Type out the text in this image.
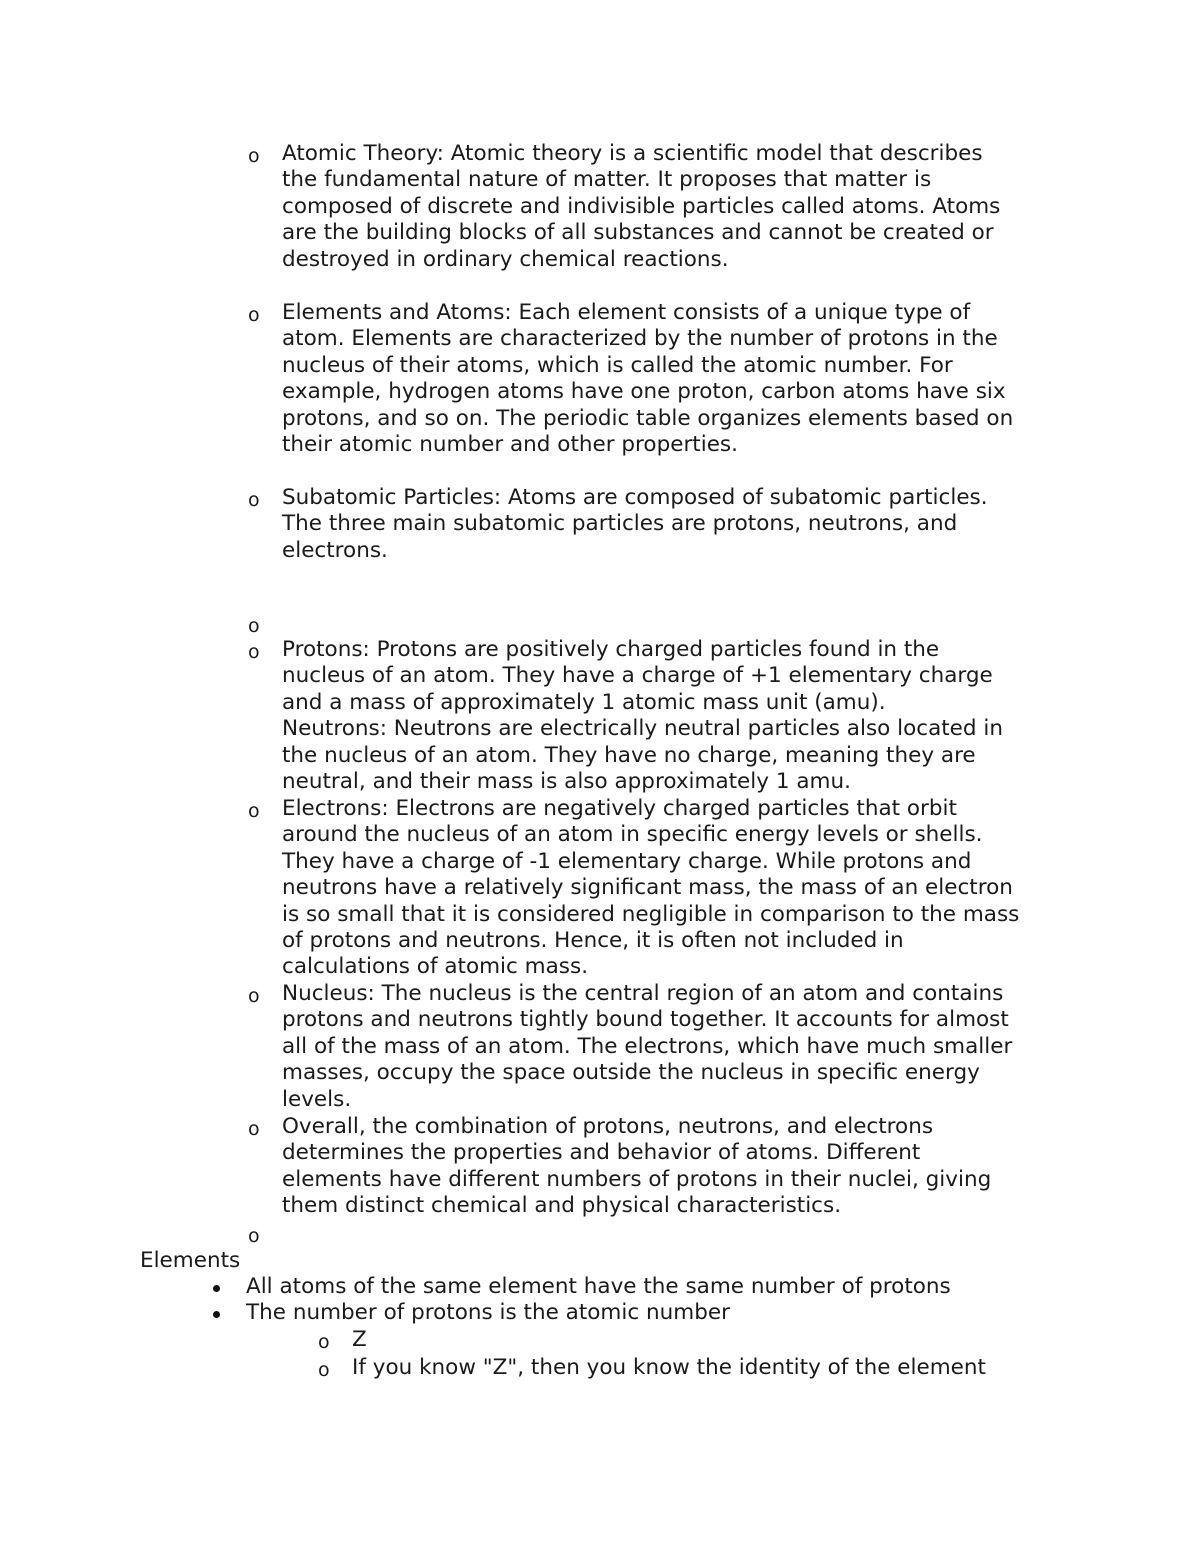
o Atomic Theory: Atomic theory is a scientific model that describes
the fundamental nature of matter. It proposes that matter is
composed of discrete and indivisible particles called atoms. Atoms
are the building blocks of all substances and cannot be created or
destroyed in ordinary chemical reactions.
o Elements and Atoms: Each element consists of a unique type of
atom. Elements are characterized by the number of protons in the
nucleus of their atoms, which is called the atomic number. For
example, hydrogen atoms have one proton, carbon atoms have six
protons, and so on. The periodic table organizes elements based on
their atomic number and other properties.
o Subatomic Particles: Atoms are composed of subatomic particles.
The three main subatomic particles are protons, neutrons, and
electrons.
o
o Protons: Protons are positively charged particles found in the
nucleus of an atom. They have a charge of +1 elementary charge
and a mass of approximately 1 atomic mass unit (amu).
Neutrons: Neutrons are electrically neutral particles also located in
the nucleus of an atom. They have no charge, meaning they are
neutral, and their mass is also approximately 1 amu.
o Electrons: Electrons are negatively charged particles that orbit
around the nucleus of an atom in specific energy levels or shells.
They have a charge of -1 elementary charge. While protons and
neutrons have a relatively significant mass, the mass of an electron
is so small that it is considered negligible in comparison to the mass
of protons and neutrons. Hence, it is often not included in
calculations of atomic mass.
o Nucleus: The nucleus is the central region of an atom and contains
protons and neutrons tightly bound together. It accounts for almost
all of the mass of an atom. The electrons, which have much smaller
masses, occupy the space outside the nucleus in specific energy
levels.
o Overall, the combination of protons, neutrons, and electrons
determines the properties and behavior of atoms. Different
elements have different numbers of protons in their nuclei, giving
them distinct chemical and physical characteristics.
o
Elements
All atoms of the same element have the same number of protons
The number of protons is the atomic number
o Z
o If you know "Z", then you know the identity of the element
